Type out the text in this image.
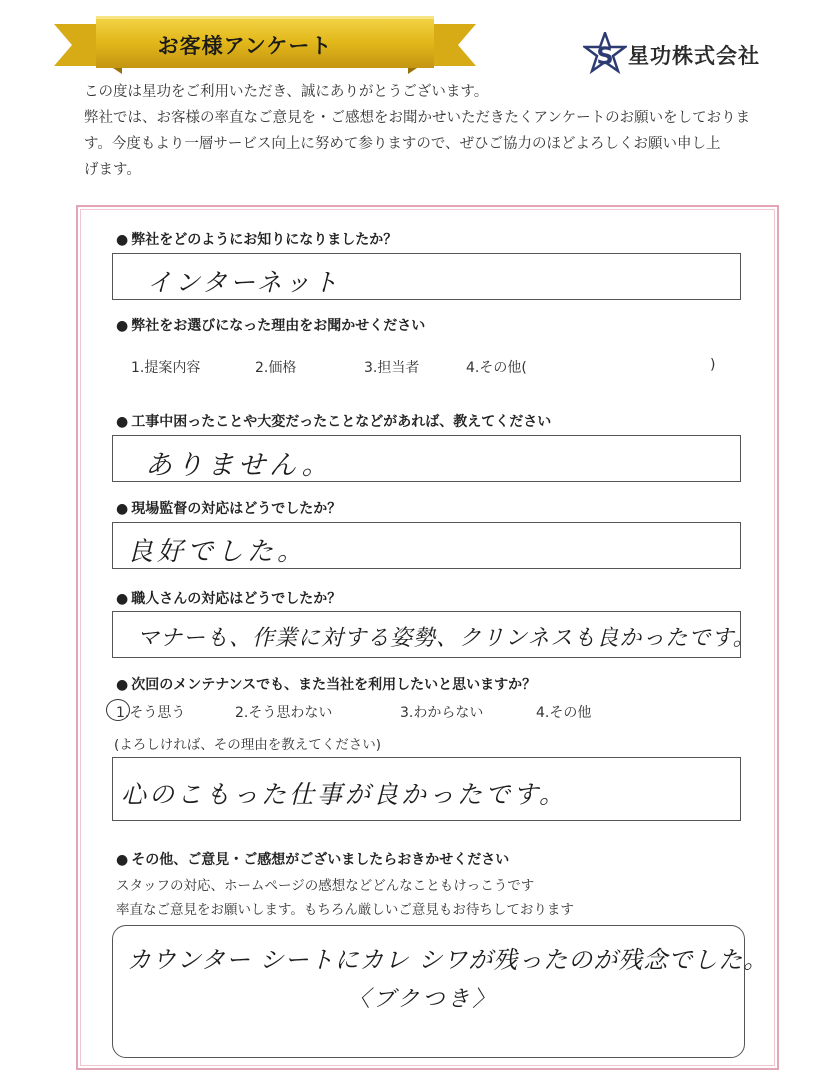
お客様アンケート	S 星功株式会社

この度は星功をご利用いただき、誠にありがとうございます。

弊社では、お客様の率直なご意見を・ご感想をお聞かせいただきたくアンケートのお願いをしておりま

す。今度もより一層サービス向上に努めて参りますので、ぜひご協力のほどよろしくお願い申し上

げます。

● 弊社をどのようにお知りになりましたか？
インターネット
● 弊社をお選びになった理由をお聞かせください
1.提案内容	2.価格	3.担当者	4.その他(	)
● 工事中困ったことや大変だったことなどがあれば、教えてください
ありません。
● 現場監督の対応はどうでしたか？
良好でした。
● 職人さんの対応はどうでしたか？
マナーも、作業に対する姿勢、クリンネスも良かったです。
● 次回のメンテナンスでも、また当社を利用したいと思いますか？
1.そう思う	2.そう思わない	3.わからない	4.その他
(よろしければ、その理由を教えてください)
心のこもった仕事が良かったです。
● その他、ご意見・ご感想がございましたらおきかせください
スタッフの対応、ホームページの感想などどんなこともけっこうです
率直なご意見をお願いします。もちろん厳しいご意見もお待ちしております
カウンター シートにカレ シワが残ったのが残念でした。
〈ブクつき〉
